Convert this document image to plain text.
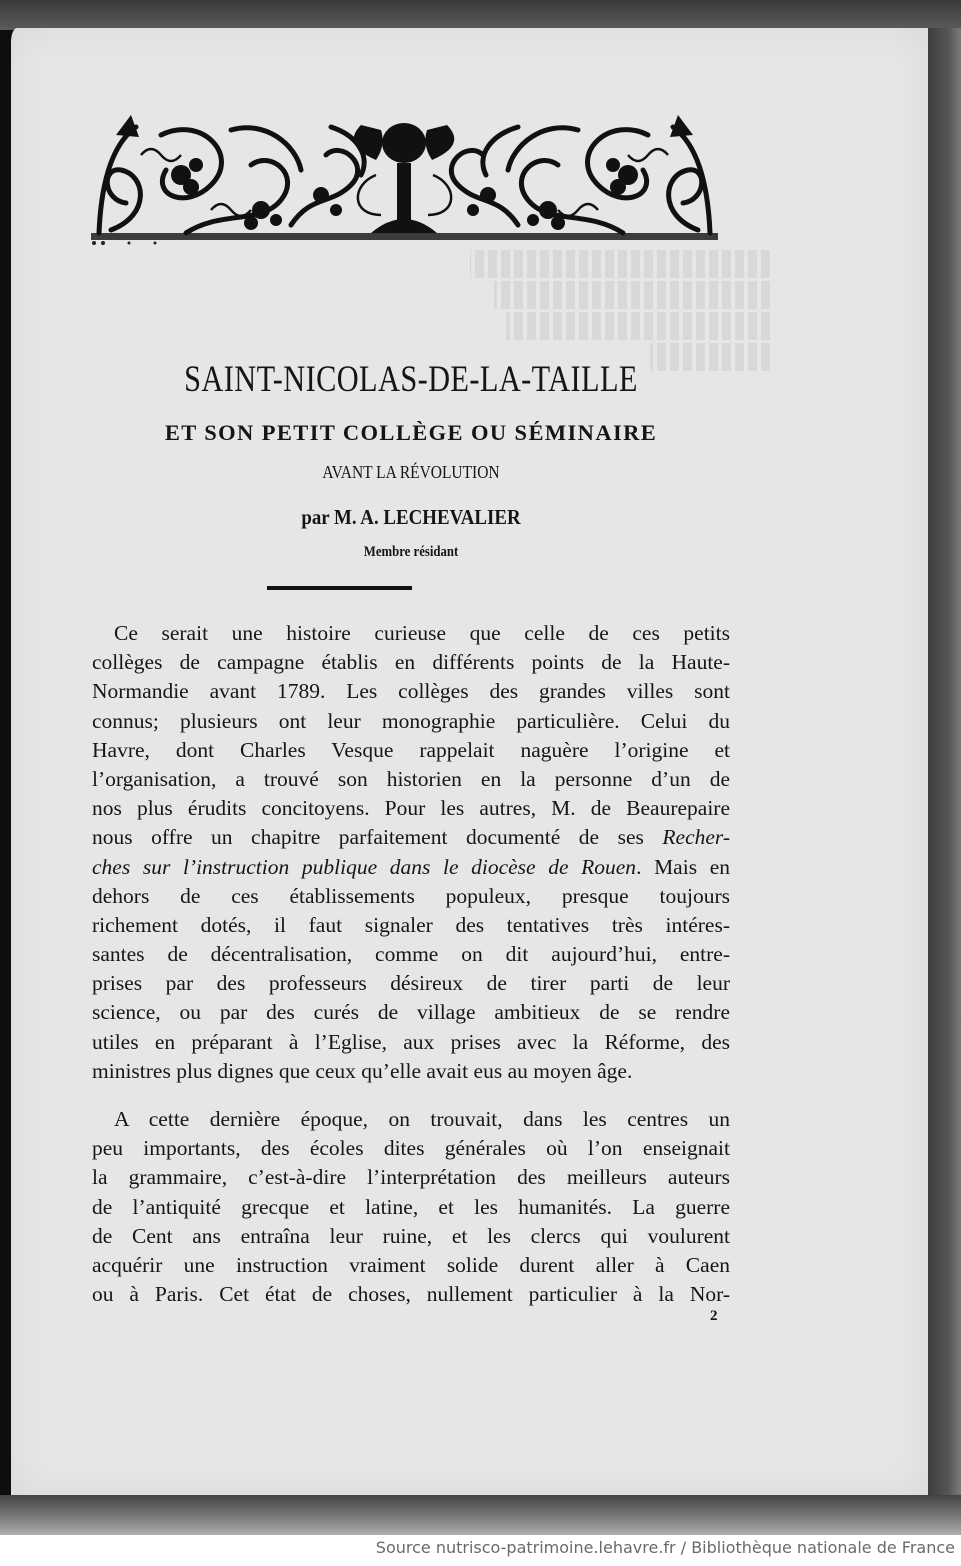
SAINT-NICOLAS-DE-LA-TAILLE
ET SON PETIT COLLÈGE OU SÉMINAIRE
AVANT LA RÉVOLUTION
par M. A. LECHEVALIER
Membre résidant
Ce serait une histoire curieuse que celle de ces petits
collèges de campagne établis en différents points de la Haute-
Normandie avant 1789. Les collèges des grandes villes sont
connus; plusieurs ont leur monographie particulière. Celui du
Havre, dont Charles Vesque rappelait naguère l’origine et
l’organisation, a trouvé son historien en la personne d’un de
nos plus érudits concitoyens. Pour les autres, M. de Beaurepaire
nous offre un chapitre parfaitement documenté de ses Recher-
ches sur l’instruction publique dans le diocèse de Rouen. Mais en
dehors de ces établissements populeux, presque toujours
richement dotés, il faut signaler des tentatives très intéres-
santes de décentralisation, comme on dit aujourd’hui, entre-
prises par des professeurs désireux de tirer parti de leur
science, ou par des curés de village ambitieux de se rendre
utiles en préparant à l’Eglise, aux prises avec la Réforme, des
ministres plus dignes que ceux qu’elle avait eus au moyen âge.
A cette dernière époque, on trouvait, dans les centres un
peu importants, des écoles dites générales où l’on enseignait
la grammaire, c’est-à-dire l’interprétation des meilleurs auteurs
de l’antiquité grecque et latine, et les humanités. La guerre
de Cent ans entraîna leur ruine, et les clercs qui voulurent
acquérir une instruction vraiment solide durent aller à Caen
ou à Paris. Cet état de choses, nullement particulier à la Nor-
2
Source nutrisco-patrimoine.lehavre.fr / Bibliothèque nationale de France
